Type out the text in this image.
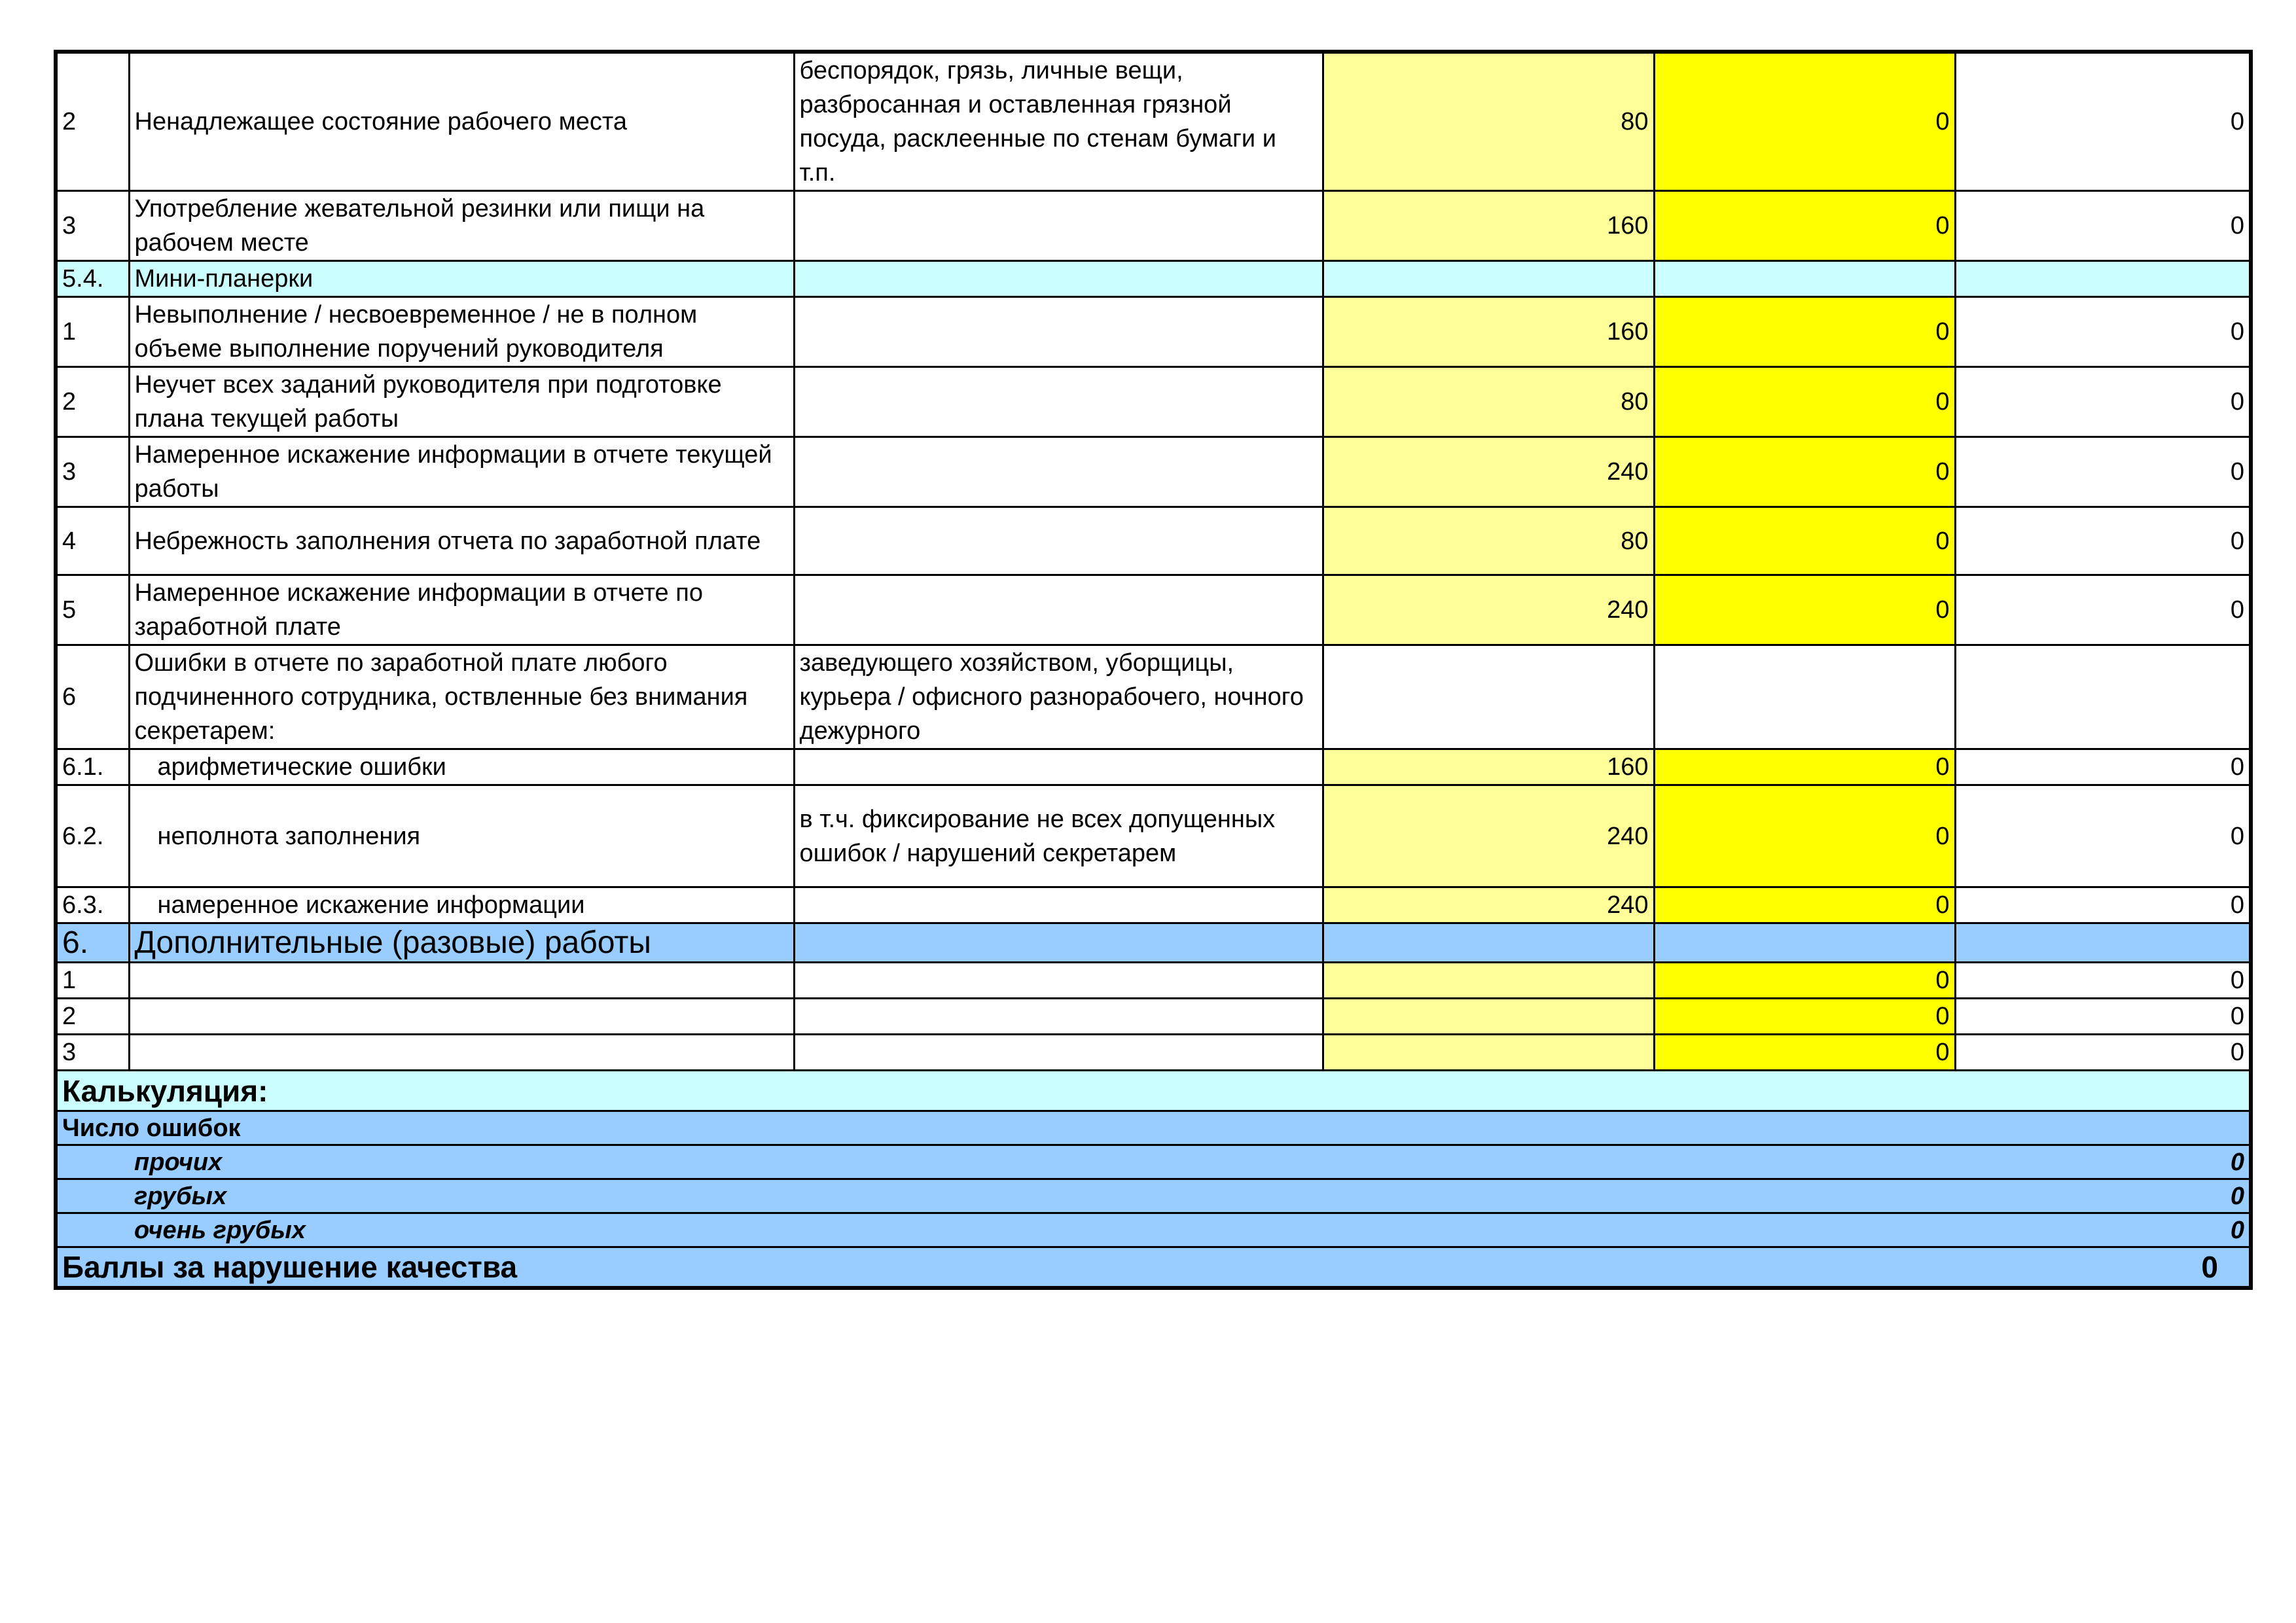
2	Ненадлежащее состояние рабочего места	беспорядок, грязь, личные вещи, разбросанная и оставленная грязной посуда, расклеенные по стенам бумаги и т.п.	80	0	0
3	Употребление жевательной резинки или пищи на рабочем месте		160	0	0
5.4.	Мини-планерки				
1	Невыполнение / несвоевременное / не в полном объеме выполнение поручений руководителя		160	0	0
2	Неучет всех заданий руководителя при подготовке плана текущей работы		80	0	0
3	Намеренное искажение информации в отчете текущей работы		240	0	0
4	Небрежность заполнения отчета по заработной плате		80	0	0
5	Намеренное искажение информации в отчете по заработной плате		240	0	0
6	Ошибки в отчете по заработной плате любого подчиненного сотрудника, оствленные без внимания секретарем:	заведующего хозяйством, уборщицы, курьера / офисного разнорабочего, ночного дежурного			
6.1.	арифметические ошибки		160	0	0
6.2.	неполнота заполнения	в т.ч. фиксирование не всех допущенных ошибок / нарушений секретарем	240	0	0
6.3.	намеренное искажение информации		240	0	0
6.	Дополнительные (разовые) работы				
1				0	0
2				0	0
3				0	0
Калькуляция:					
Число ошибок					

прочих 0					

грубых 0					

очень грубых 0					

Баллы за нарушение качества 0					
